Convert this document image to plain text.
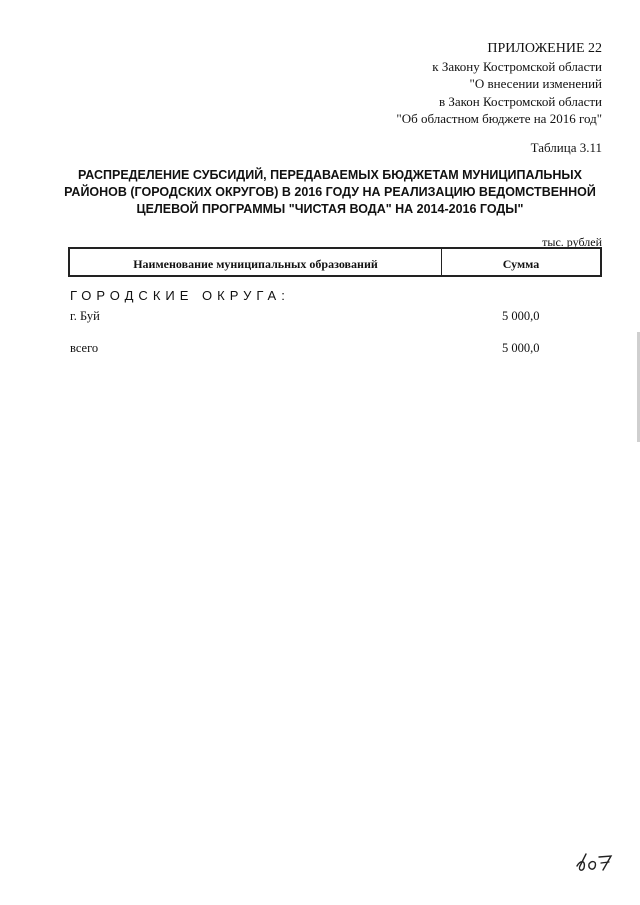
ПРИЛОЖЕНИЕ 22
к Закону Костромской области
"О внесении изменений
в Закон Костромской области
"Об областном бюджете на 2016 год"
Таблица 3.11
РАСПРЕДЕЛЕНИЕ СУБСИДИЙ, ПЕРЕДАВАЕМЫХ БЮДЖЕТАМ МУНИЦИПАЛЬНЫХ
РАЙОНОВ (ГОРОДСКИХ ОКРУГОВ) В 2016 ГОДУ НА РЕАЛИЗАЦИЮ ВЕДОМСТВЕННОЙ
ЦЕЛЕВОЙ ПРОГРАММЫ "ЧИСТАЯ ВОДА" НА 2014-2016 ГОДЫ"
тыс. рублей
Наименование муниципальных образований	Сумма
ГОРОДСКИЕ ОКРУГА:
г. Буй	5 000,0
всего	5 000,0
